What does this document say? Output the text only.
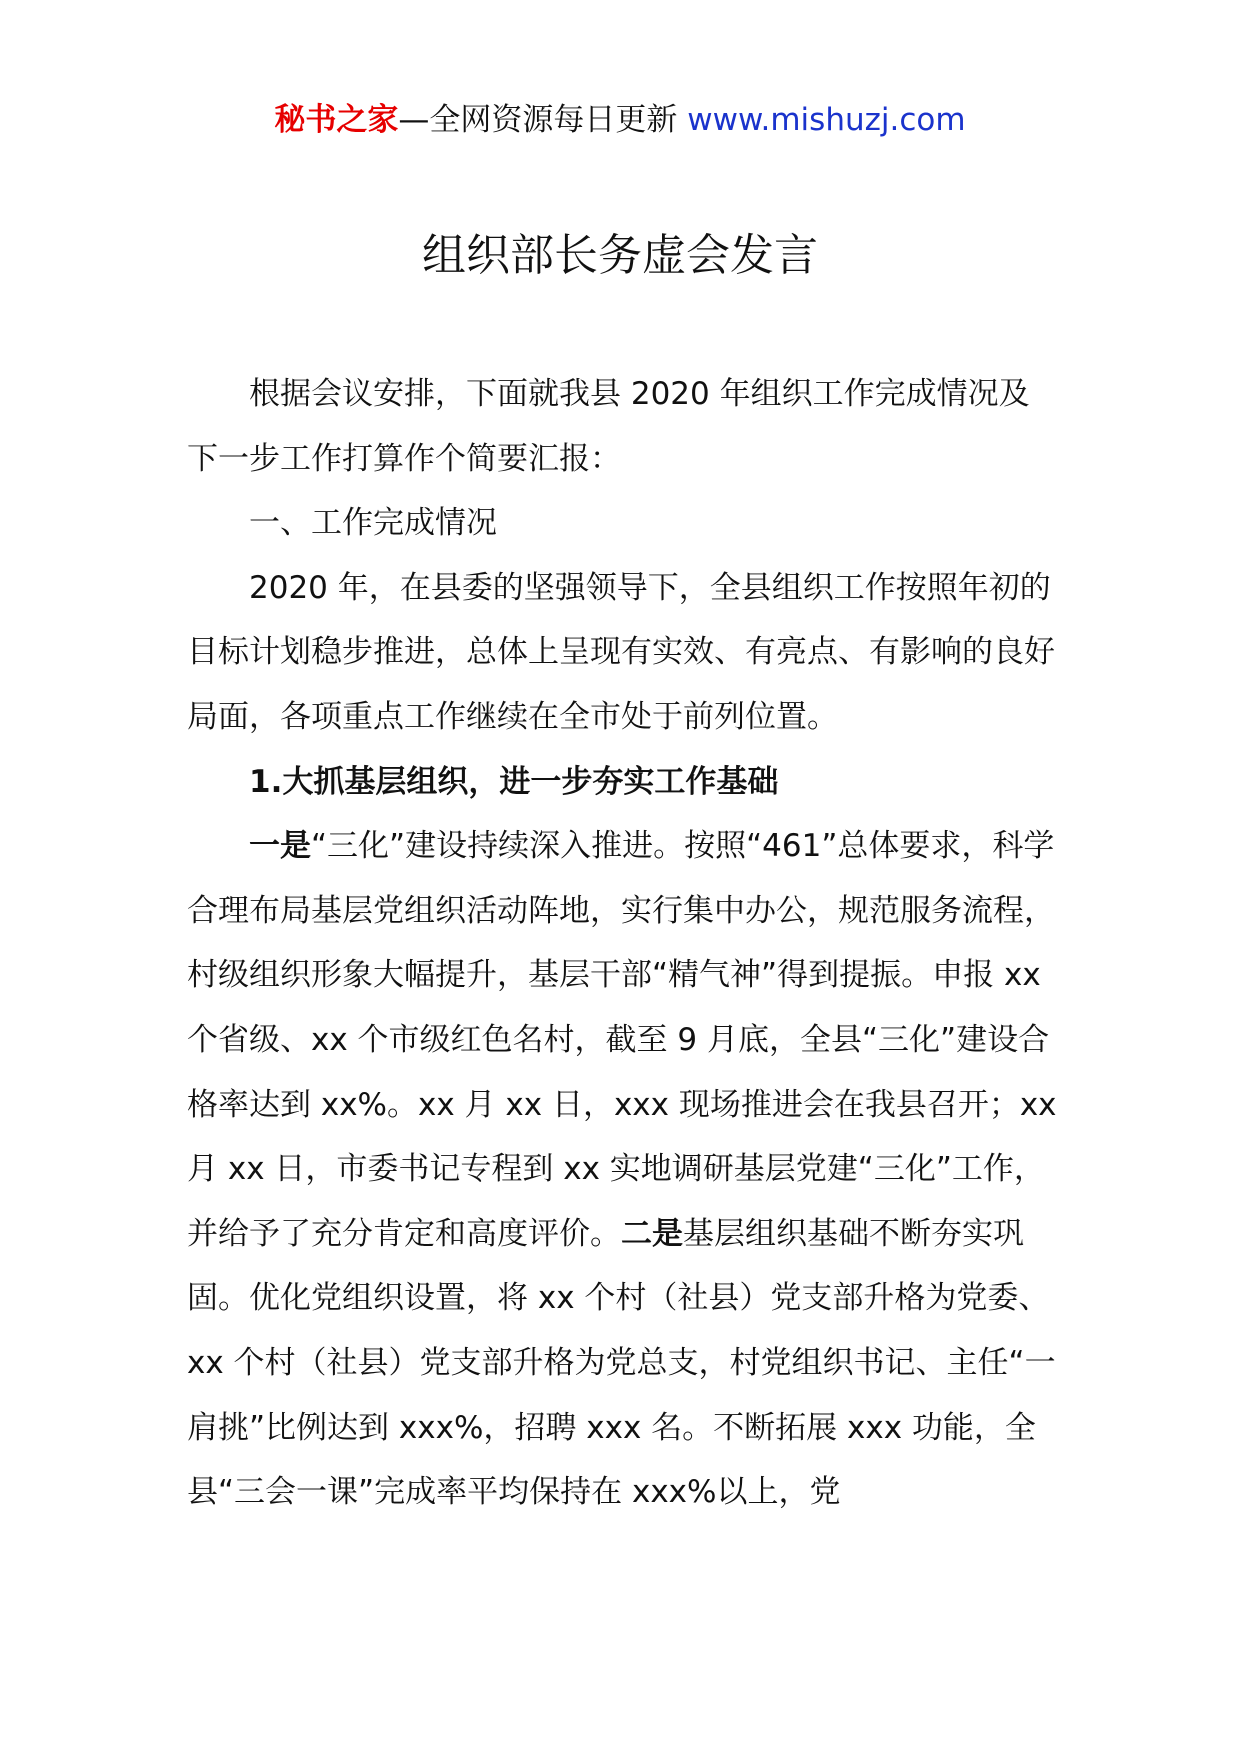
秘书之家—全网资源每日更新 www.mishuzj.com
组织部长务虚会发言

根据会议安排，下面就我县 2020 年组织工作完成情况及下一步工作打算作个简要汇报：

一、工作完成情况

2020 年，在县委的坚强领导下，全县组织工作按照年初的目标计划稳步推进，总体上呈现有实效、有亮点、有影响的良好局面，各项重点工作继续在全市处于前列位置。

1.大抓基层组织，进一步夯实工作基础

一是“三化”建设持续深入推进。按照“461”总体要求，科学合理布局基层党组织活动阵地，实行集中办公，规范服务流程，村级组织形象大幅提升，基层干部“精气神”得到提振。申报 xx 个省级、xx 个市级红色名村，截至 9 月底，全县“三化”建设合格率达到 xx%。xx 月 xx 日，xxx 现场推进会在我县召开；xx 月 xx 日，市委书记专程到 xx 实地调研基层党建“三化”工作，并给予了充分肯定和高度评价。二是基层组织基础不断夯实巩固。优化党组织设置，将 xx 个村（社县）党支部升格为党委、xx 个村（社县）党支部升格为党总支，村党组织书记、主任“一肩挑”比例达到 xxx%，招聘 xxx 名。不断拓展 xxx 功能，全县“三会一课”完成率平均保持在 xxx%以上，党
